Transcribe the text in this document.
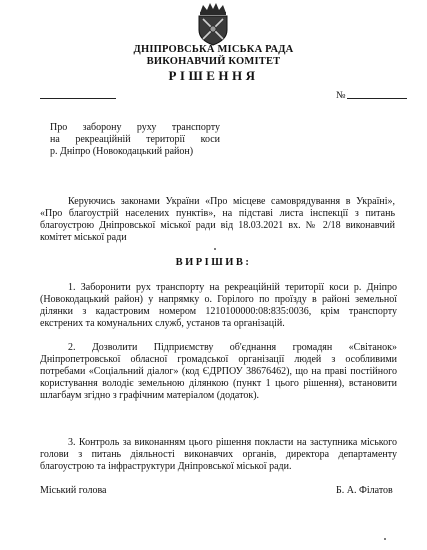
ДНІПРОВСЬКА МІСЬКА РАДА
ВИКОНАВЧИЙ КОМІТЕТ
РІШЕННЯ
№
Про заборону руху транспорту
на рекреаційній території коси
р. Дніпро (Новокодацький район)
Керуючись законами України «Про місцеве самоврядування в Україні», «Про благоустрій населених пунктів», на підставі листа інспекції з питань благоустрою Дніпровської міської ради від 18.03.2021 вх. № 2/18 виконавчий комітет міської ради
ВИРІШИВ:
1. Заборонити рух транспорту на рекреаційній території коси р. Дніпро (Новокодацький район) у напрямку о. Горілого по проїзду в районі земельної ділянки з кадастровим номером 1210100000:08:835:0036, крім транспорту екстрених та комунальних служб, установ та організацій.
2. Дозволити Підприємству об'єднання громадян «Світанок» Дніпропетровської обласної громадської організації людей з особливими потребами «Соціальний діалог» (код ЄДРПОУ 38676462), що на праві постійного користування володіє земельною ділянкою (пункт 1 цього рішення), встановити шлагбаум згідно з графічним матеріалом (додаток).
3. Контроль за виконанням цього рішення покласти на заступника міського голови з питань діяльності виконавчих органів, директора департаменту благоустрою та інфраструктури Дніпровської міської ради.
Міський голова	Б. А. Філатов
